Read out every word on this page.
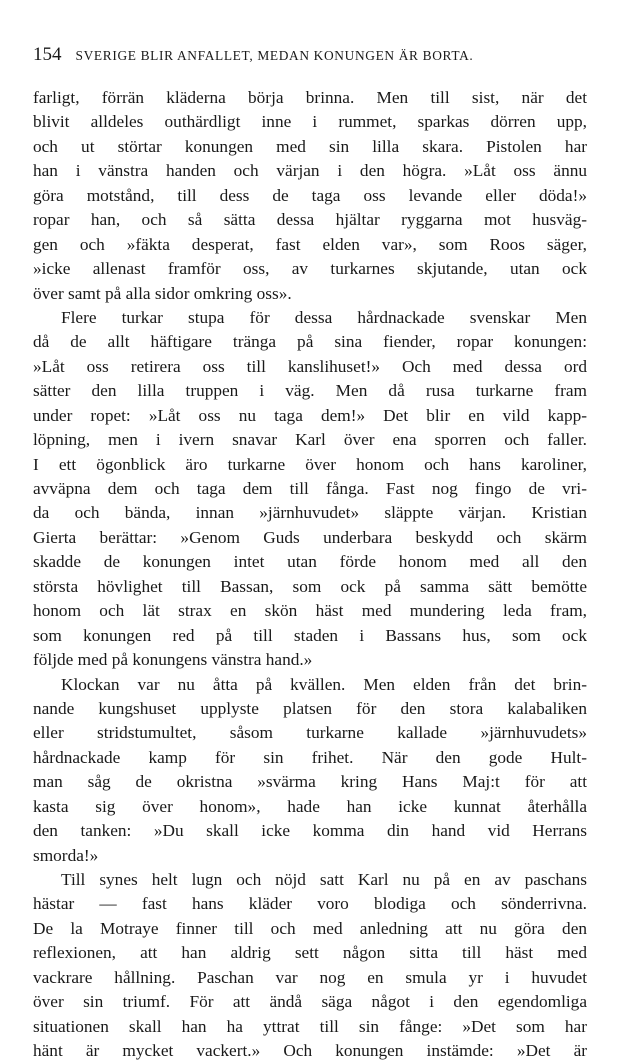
154 SVERIGE BLIR ANFALLET, MEDAN KONUNGEN ÄR BORTA.
farligt, förrän kläderna börja brinna. Men till sist, när det
blivit alldeles outhärdligt inne i rummet, sparkas dörren upp,
och ut störtar konungen med sin lilla skara. Pistolen har
han i vänstra handen och värjan i den högra. »Låt oss ännu
göra motstånd, till dess de taga oss levande eller döda!»
ropar han, och så sätta dessa hjältar ryggarna mot husväg-
gen och »fäkta desperat, fast elden var», som Roos säger,
»icke allenast framför oss, av turkarnes skjutande, utan ock
över samt på alla sidor omkring oss».
Flere turkar stupa för dessa hårdnackade svenskar Men
då de allt häftigare tränga på sina fiender, ropar konungen:
»Låt oss retirera oss till kanslihuset!» Och med dessa ord
sätter den lilla truppen i väg. Men då rusa turkarne fram
under ropet: »Låt oss nu taga dem!» Det blir en vild kapp-
löpning, men i ivern snavar Karl över ena sporren och faller.
I ett ögonblick äro turkarne över honom och hans karoliner,
avväpna dem och taga dem till fånga. Fast nog fingo de vri-
da och bända, innan »järnhuvudet» släppte värjan. Kristian
Gierta berättar: »Genom Guds underbara beskydd och skärm
skadde de konungen intet utan förde honom med all den
största hövlighet till Bassan, som ock på samma sätt bemötte
honom och lät strax en skön häst med mundering leda fram,
som konungen red på till staden i Bassans hus, som ock
följde med på konungens vänstra hand.»
Klockan var nu åtta på kvällen. Men elden från det brin-
nande kungshuset upplyste platsen för den stora kalabaliken
eller stridstumultet, såsom turkarne kallade »järnhuvudets»
hårdnackade kamp för sin frihet. När den gode Hult-
man såg de okristna »svärma kring Hans Maj:t för att
kasta sig över honom», hade han icke kunnat återhålla
den tanken: »Du skall icke komma din hand vid Herrans
smorda!»
Till synes helt lugn och nöjd satt Karl nu på en av paschans
hästar — fast hans kläder voro blodiga och sönderrivna.
De la Motraye finner till och med anledning att nu göra den
reflexionen, att han aldrig sett någon sitta till häst med
vackrare hållning. Paschan var nog en smula yr i huvudet
över sin triumf. För att ändå säga något i den egendomliga
situationen skall han ha yttrat till sin fånge: »Det som har
hänt är mycket vackert.» Och konungen instämde: »Det är
